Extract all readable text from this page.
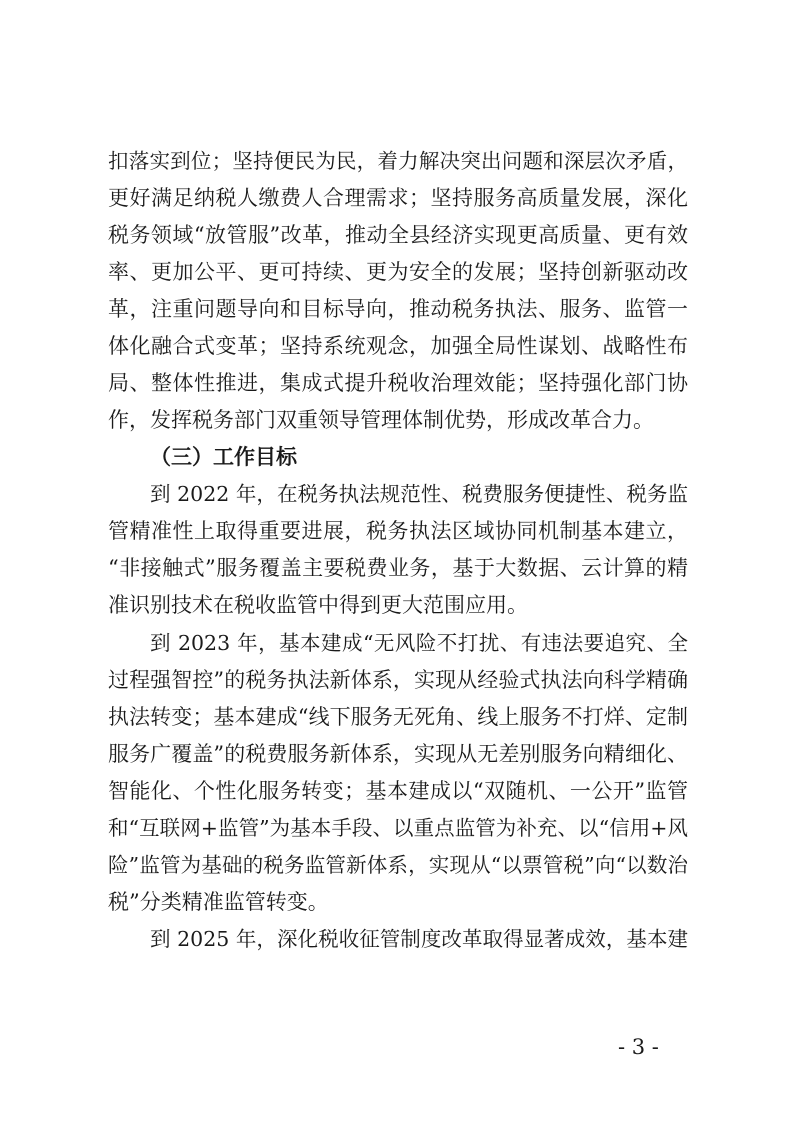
扣落实到位；坚持便民为民，着力解决突出问题和深层次矛盾，
更好满足纳税人缴费人合理需求；坚持服务高质量发展，深化
税务领域“放管服”改革，推动全县经济实现更高质量、更有效
率、更加公平、更可持续、更为安全的发展；坚持创新驱动改
革，注重问题导向和目标导向，推动税务执法、服务、监管一
体化融合式变革；坚持系统观念，加强全局性谋划、战略性布
局、整体性推进，集成式提升税收治理效能；坚持强化部门协
作，发挥税务部门双重领导管理体制优势，形成改革合力。
（三）工作目标
到 2022 年，在税务执法规范性、税费服务便捷性、税务监
管精准性上取得重要进展，税务执法区域协同机制基本建立，
“非接触式”服务覆盖主要税费业务，基于大数据、云计算的精
准识别技术在税收监管中得到更大范围应用。
到 2023 年，基本建成“无风险不打扰、有违法要追究、全
过程强智控”的税务执法新体系，实现从经验式执法向科学精确
执法转变；基本建成“线下服务无死角、线上服务不打烊、定制
服务广覆盖”的税费服务新体系，实现从无差别服务向精细化、
智能化、个性化服务转变；基本建成以“双随机、一公开”监管
和“互联网+监管”为基本手段、以重点监管为补充、以“信用+风
险”监管为基础的税务监管新体系，实现从“以票管税”向“以数治
税”分类精准监管转变。
到 2025 年，深化税收征管制度改革取得显著成效，基本建
- 3 -
